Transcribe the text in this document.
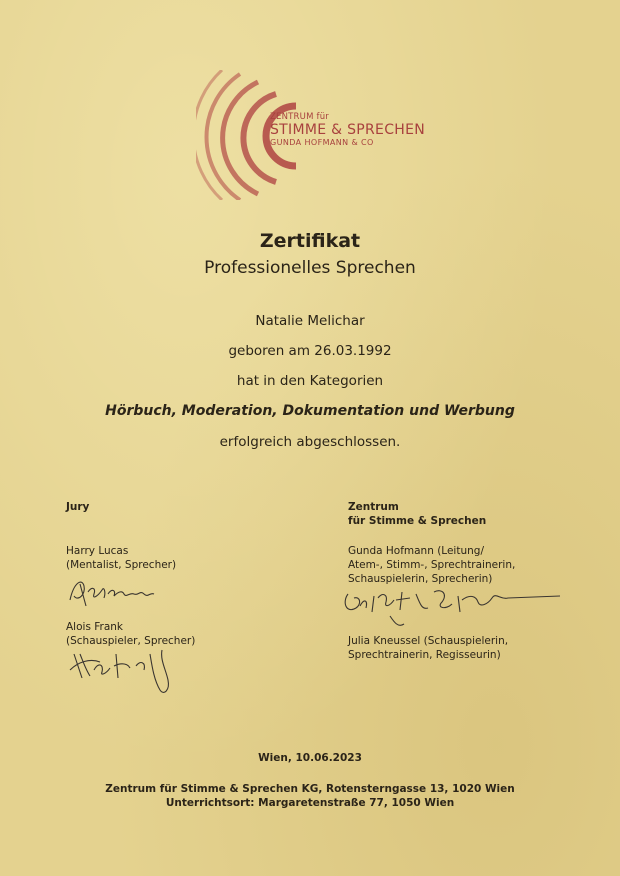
ZENTRUM für
STIMME & SPRECHEN
GUNDA HOFMANN & CO
Zertifikat
Professionelles Sprechen
Natalie Melichar
geboren am 26.03.1992
hat in den Kategorien
Hörbuch, Moderation, Dokumentation und Werbung
erfolgreich abgeschlossen.
Jury
Harry Lucas
(Mentalist, Sprecher)
Alois Frank
(Schauspieler, Sprecher)
Zentrum
für Stimme & Sprechen
Gunda Hofmann (Leitung/
Atem-, Stimm-, Sprechtrainerin,
Schauspielerin, Sprecherin)
Julia Kneussel (Schauspielerin,
Sprechtrainerin, Regisseurin)
Wien, 10.06.2023
Zentrum für Stimme & Sprechen KG, Rotensterngasse 13, 1020 Wien
Unterrichtsort: Margaretenstraße 77, 1050 Wien
